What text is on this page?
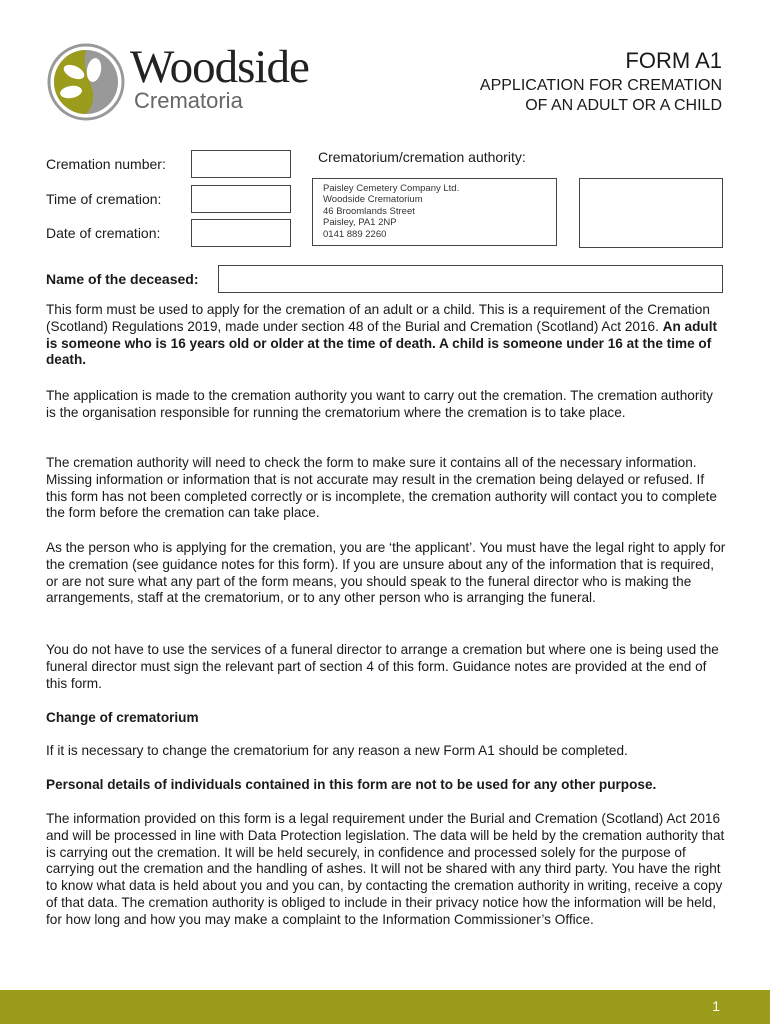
Woodside
Crematoria
FORM A1
APPLICATION FOR CREMATION
OF AN ADULT OR A CHILD
Cremation number:
Time of cremation:
Date of cremation:
Crematorium/cremation authority:
Paisley Cemetery Company Ltd.
Woodside Crematorium
46 Broomlands Street
Paisley, PA1 2NP
0141 889 2260
Name of the deceased:

This form must be used to apply for the cremation of an adult or a child. This is a requirement of the Cremation (Scotland) Regulations 2019, made under section 48 of the Burial and Cremation (Scotland) Act 2016. An adult is someone who is 16 years old or older at the time of death. A child is someone under 16 at the time of death.

The application is made to the cremation authority you want to carry out the cremation. The cremation authority is the organisation responsible for running the crematorium where the cremation is to take place.
The cremation authority will need to check the form to make sure it contains all of the necessary information. Missing information or information that is not accurate may result in the cremation being delayed or refused. If this form has not been completed correctly or is incomplete, the cremation authority will contact you to complete the form before the cremation can take place.
As the person who is applying for the cremation, you are ‘the applicant’. You must have the legal right to apply for the cremation (see guidance notes for this form). If you are unsure about any of the information that is required, or are not sure what any part of the form means, you should speak to the funeral director who is making the arrangements, staff at the crematorium, or to any other person who is arranging the funeral.
You do not have to use the services of a funeral director to arrange a cremation but where one is being used the funeral director must sign the relevant part of section 4 of this form. Guidance notes are provided at the end of this form.
Change of crematorium
If it is necessary to change the crematorium for any reason a new Form A1 should be completed.
Personal details of individuals contained in this form are not to be used for any other purpose.
The information provided on this form is a legal requirement under the Burial and Cremation (Scotland) Act 2016 and will be processed in line with Data Protection legislation. The data will be held by the cremation authority that is carrying out the cremation. It will be held securely, in confidence and processed solely for the purpose of carrying out the cremation and the handling of ashes. It will not be shared with any third party. You have the right to know what data is held about you and you can, by contacting the cremation authority in writing, receive a copy of that data. The cremation authority is obliged to include in their privacy notice how the information will be held, for how long and how you may make a complaint to the Information Commissioner’s Office.
1
